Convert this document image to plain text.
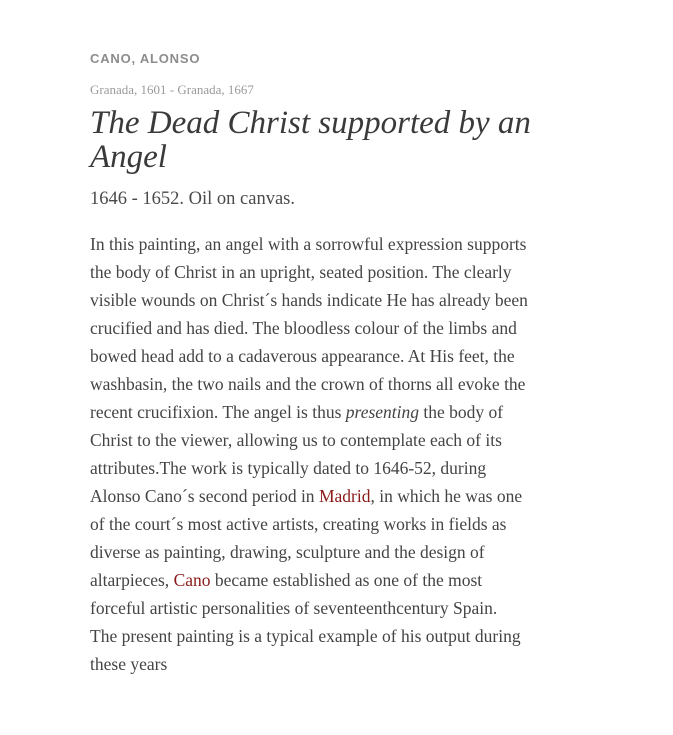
CANO, ALONSO

Granada, 1601 - Granada, 1667

The Dead Christ supported by an Angel

1646 - 1652. Oil on canvas.

In this painting, an angel with a sorrowful expression supports
the body of Christ in an upright, seated position. The clearly
visible wounds on Christ´s hands indicate He has already been
crucified and has died. The bloodless colour of the limbs and
bowed head add to a cadaverous appearance. At His feet, the
washbasin, the two nails and the crown of thorns all evoke the
recent crucifixion. The angel is thus presenting the body of
Christ to the viewer, allowing us to contemplate each of its
attributes.The work is typically dated to 1646-52, during
Alonso Cano´s second period in Madrid, in which he was one
of the court´s most active artists, creating works in fields as
diverse as painting, drawing, sculpture and the design of
altarpieces, Cano became established as one of the most
forceful artistic personalities of seventeenthcentury Spain.
The present painting is a typical example of his output during
these years
